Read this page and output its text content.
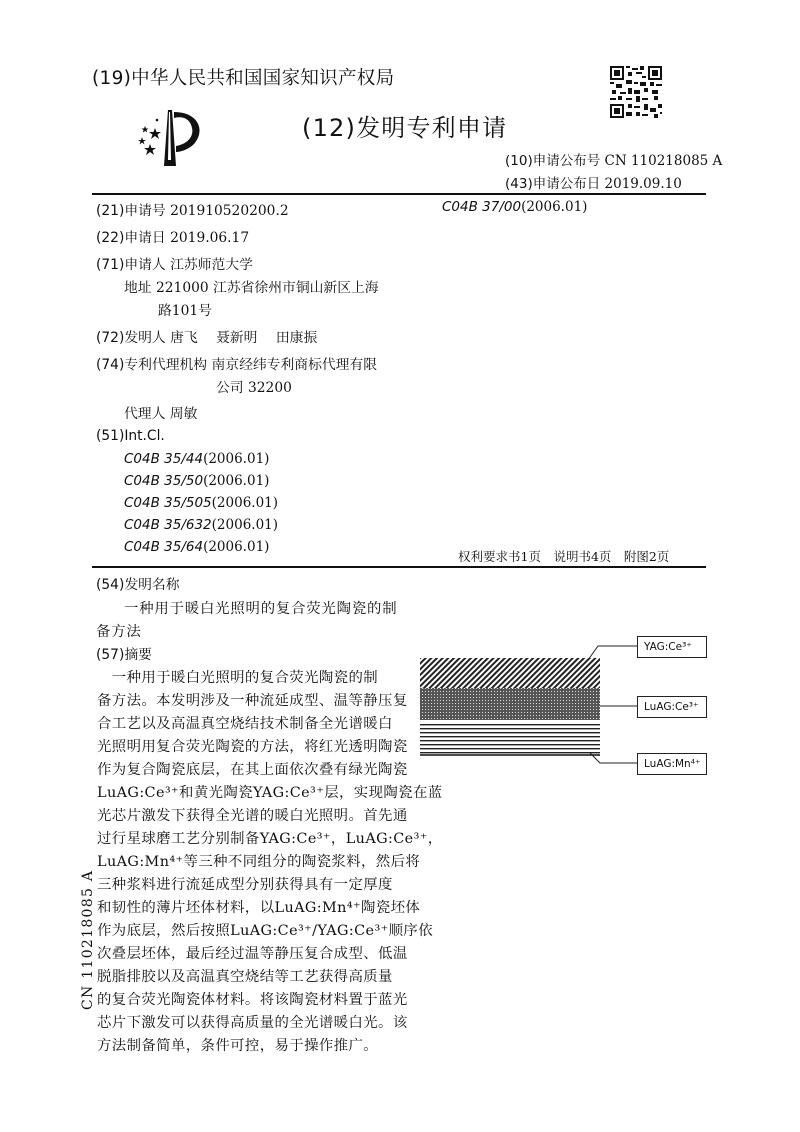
(19)中华人民共和国国家知识产权局
(12)发明专利申请
(10)申请公布号 CN 110218085 A
(43)申请公布日 2019.09.10
(21)申请号 201910520200.2
(22)申请日 2019.06.17
(71)申请人 江苏师范大学
地址 221000 江苏省徐州市铜山新区上海
路101号
(72)发明人 唐飞 聂新明 田康振
(74)专利代理机构 南京经纬专利商标代理有限
公司 32200
代理人 周敏
(51)Int.Cl.
C04B 35/44(2006.01)
C04B 35/50(2006.01)
C04B 35/505(2006.01)
C04B 35/632(2006.01)
C04B 35/64(2006.01)
C04B 37/00(2006.01)
权利要求书1页　说明书4页　附图2页
(54)发明名称
一种用于暖白光照明的复合荧光陶瓷的制
备方法
(57)摘要
　一种用于暖白光照明的复合荧光陶瓷的制
备方法。本发明涉及一种流延成型、温等静压复
合工艺以及高温真空烧结技术制备全光谱暖白
光照明用复合荧光陶瓷的方法，将红光透明陶瓷
作为复合陶瓷底层，在其上面依次叠有绿光陶瓷
LuAG:Ce³⁺和黄光陶瓷YAG:Ce³⁺层，实现陶瓷在蓝
光芯片激发下获得全光谱的暖白光照明。首先通
过行星球磨工艺分别制备YAG:Ce³⁺，LuAG:Ce³⁺，
LuAG:Mn⁴⁺等三种不同组分的陶瓷浆料，然后将
三种浆料进行流延成型分别获得具有一定厚度
和韧性的薄片坯体材料，以LuAG:Mn⁴⁺陶瓷坯体
作为底层，然后按照LuAG:Ce³⁺/YAG:Ce³⁺顺序依
次叠层坯体，最后经过温等静压复合成型、低温
脱脂排胶以及高温真空烧结等工艺获得高质量
的复合荧光陶瓷体材料。将该陶瓷材料置于蓝光
芯片下激发可以获得高质量的全光谱暖白光。该
方法制备简单，条件可控，易于操作推广。
CN 110218085 A
YAG:Ce³⁺
LuAG:Ce³⁺
LuAG:Mn⁴⁺
